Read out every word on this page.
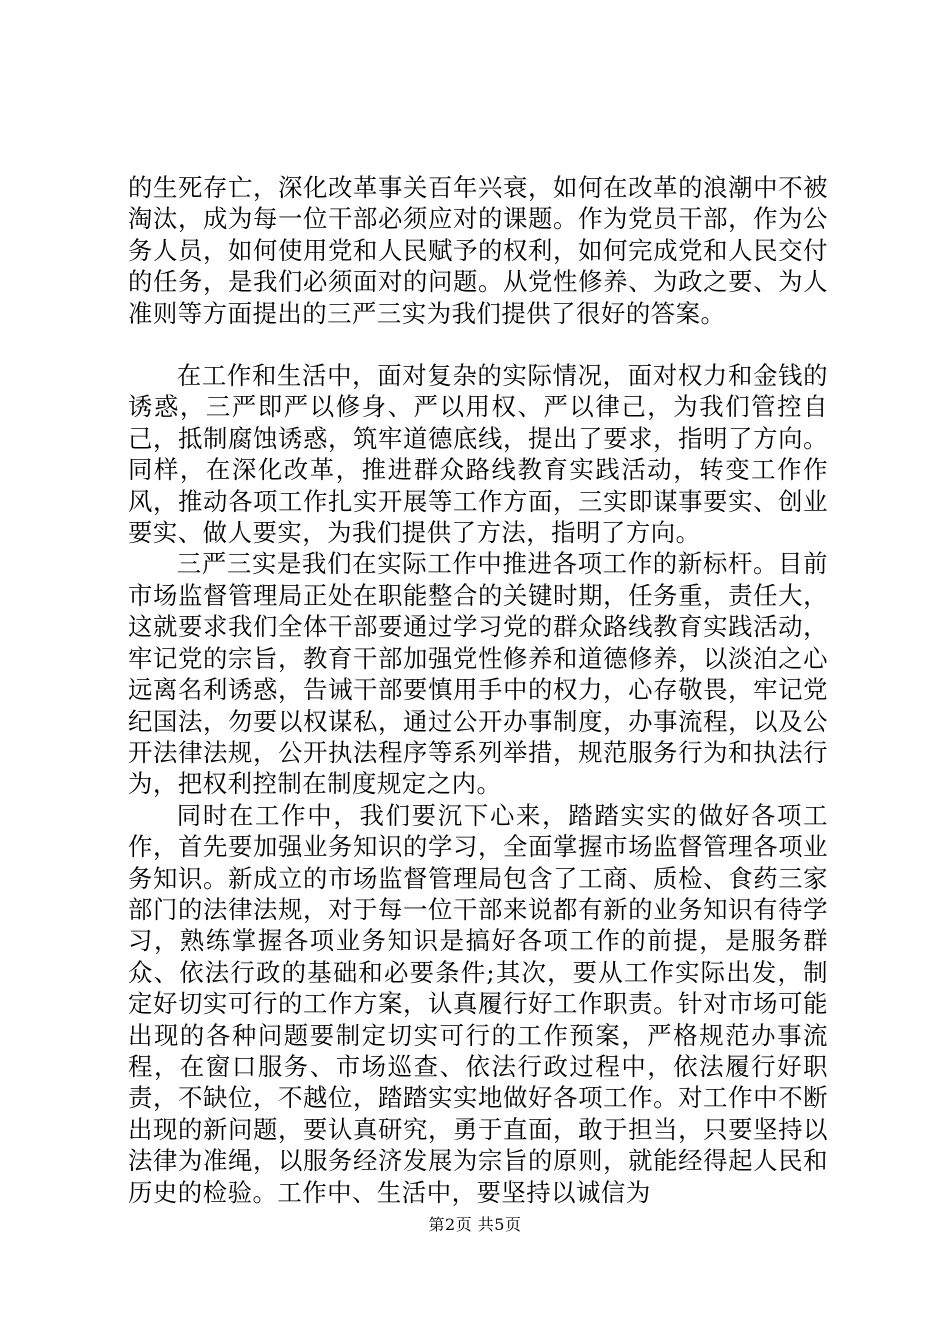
的生死存亡，深化改革事关百年兴衰，如何在改革的浪潮中不被淘汰，成为每一位干部必须应对的课题。作为党员干部，作为公务人员，如何使用党和人民赋予的权利，如何完成党和人民交付的任务，是我们必须面对的问题。从党性修养、为政之要、为人准则等方面提出的三严三实为我们提供了很好的答案。

在工作和生活中，面对复杂的实际情况，面对权力和金钱的诱惑，三严即严以修身、严以用权、严以律己，为我们管控自己，抵制腐蚀诱惑，筑牢道德底线，提出了要求，指明了方向。同样，在深化改革，推进群众路线教育实践活动，转变工作作风，推动各项工作扎实开展等工作方面，三实即谋事要实、创业要实、做人要实，为我们提供了方法，指明了方向。

三严三实是我们在实际工作中推进各项工作的新标杆。目前市场监督管理局正处在职能整合的关键时期，任务重，责任大，这就要求我们全体干部要通过学习党的群众路线教育实践活动，牢记党的宗旨，教育干部加强党性修养和道德修养，以淡泊之心远离名利诱惑，告诫干部要慎用手中的权力，心存敬畏，牢记党纪国法，勿要以权谋私，通过公开办事制度，办事流程，以及公开法律法规，公开执法程序等系列举措，规范服务行为和执法行为，把权利控制在制度规定之内。

同时在工作中，我们要沉下心来，踏踏实实的做好各项工作，首先要加强业务知识的学习，全面掌握市场监督管理各项业务知识。新成立的市场监督管理局包含了工商、质检、食药三家部门的法律法规，对于每一位干部来说都有新的业务知识有待学习，熟练掌握各项业务知识是搞好各项工作的前提，是服务群众、依法行政的基础和必要条件;其次，要从工作实际出发，制定好切实可行的工作方案，认真履行好工作职责。针对市场可能出现的各种问题要制定切实可行的工作预案，严格规范办事流程，在窗口服务、市场巡查、依法行政过程中，依法履行好职责，不缺位，不越位，踏踏实实地做好各项工作。对工作中不断出现的新问题，要认真研究，勇于直面，敢于担当，只要坚持以法律为准绳，以服务经济发展为宗旨的原则，就能经得起人民和历史的检验。工作中、生活中，要坚持以诚信为

第2页 共5页
